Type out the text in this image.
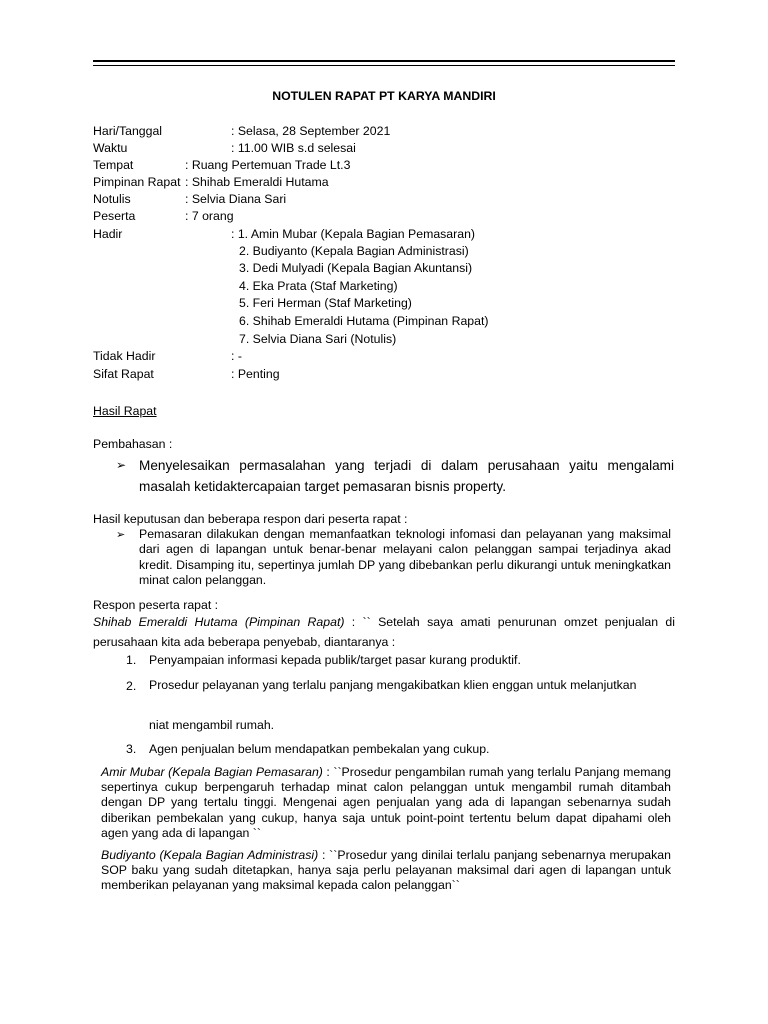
NOTULEN RAPAT PT KARYA MANDIRI
Hari/Tanggal	: Selasa, 28 September 2021
Waktu	: 11.00 WIB s.d selesai
Tempat	: Ruang Pertemuan Trade Lt.3
Pimpinan Rapat : Shihab Emeraldi Hutama
Notulis	: Selvia Diana Sari
Peserta	: 7 orang
Hadir	: 1. Amin Mubar (Kepala Bagian Pemasaran)
2. Budiyanto (Kepala Bagian Administrasi)
3. Dedi Mulyadi (Kepala Bagian Akuntansi)
4. Eka Prata (Staf Marketing)
5. Feri Herman (Staf Marketing)
6. Shihab Emeraldi Hutama (Pimpinan Rapat)
7. Selvia Diana Sari (Notulis)
Tidak Hadir	: -
Sifat Rapat	: Penting
Hasil Rapat
Pembahasan :
➢ Menyelesaikan permasalahan yang terjadi di dalam perusahaan yaitu mengalami masalah ketidaktercapaian target pemasaran bisnis property.
Hasil keputusan dan beberapa respon dari peserta rapat :
➢ Pemasaran dilakukan dengan memanfaatkan teknologi infomasi dan pelayanan yang maksimal dari agen di lapangan untuk benar-benar melayani calon pelanggan sampai terjadinya akad kredit. Disamping itu, sepertinya jumlah DP yang dibebankan perlu dikurangi untuk meningkatkan minat calon pelanggan.
Respon peserta rapat :
Shihab Emeraldi Hutama (Pimpinan Rapat) : `` Setelah saya amati penurunan omzet penjualan di perusahaan kita ada beberapa penyebab, diantaranya :
1. Penyampaian informasi kepada publik/target pasar kurang produktif.
2. Prosedur pelayanan yang terlalu panjang mengakibatkan klien enggan untuk melanjutkan
niat mengambil rumah.
3. Agen penjualan belum mendapatkan pembekalan yang cukup.
Amir Mubar (Kepala Bagian Pemasaran) : ``Prosedur pengambilan rumah yang terlalu Panjang memang sepertinya cukup berpengaruh terhadap minat calon pelanggan untuk mengambil rumah ditambah dengan DP yang tertalu tinggi. Mengenai agen penjualan yang ada di lapangan sebenarnya sudah diberikan pembekalan yang cukup, hanya saja untuk point-point tertentu belum dapat dipahami oleh agen yang ada di lapangan ``
Budiyanto (Kepala Bagian Administrasi) : ``Prosedur yang dinilai terlalu panjang sebenarnya merupakan SOP baku yang sudah ditetapkan, hanya saja perlu pelayanan maksimal dari agen di lapangan untuk memberikan pelayanan yang maksimal kepada calon pelanggan``
